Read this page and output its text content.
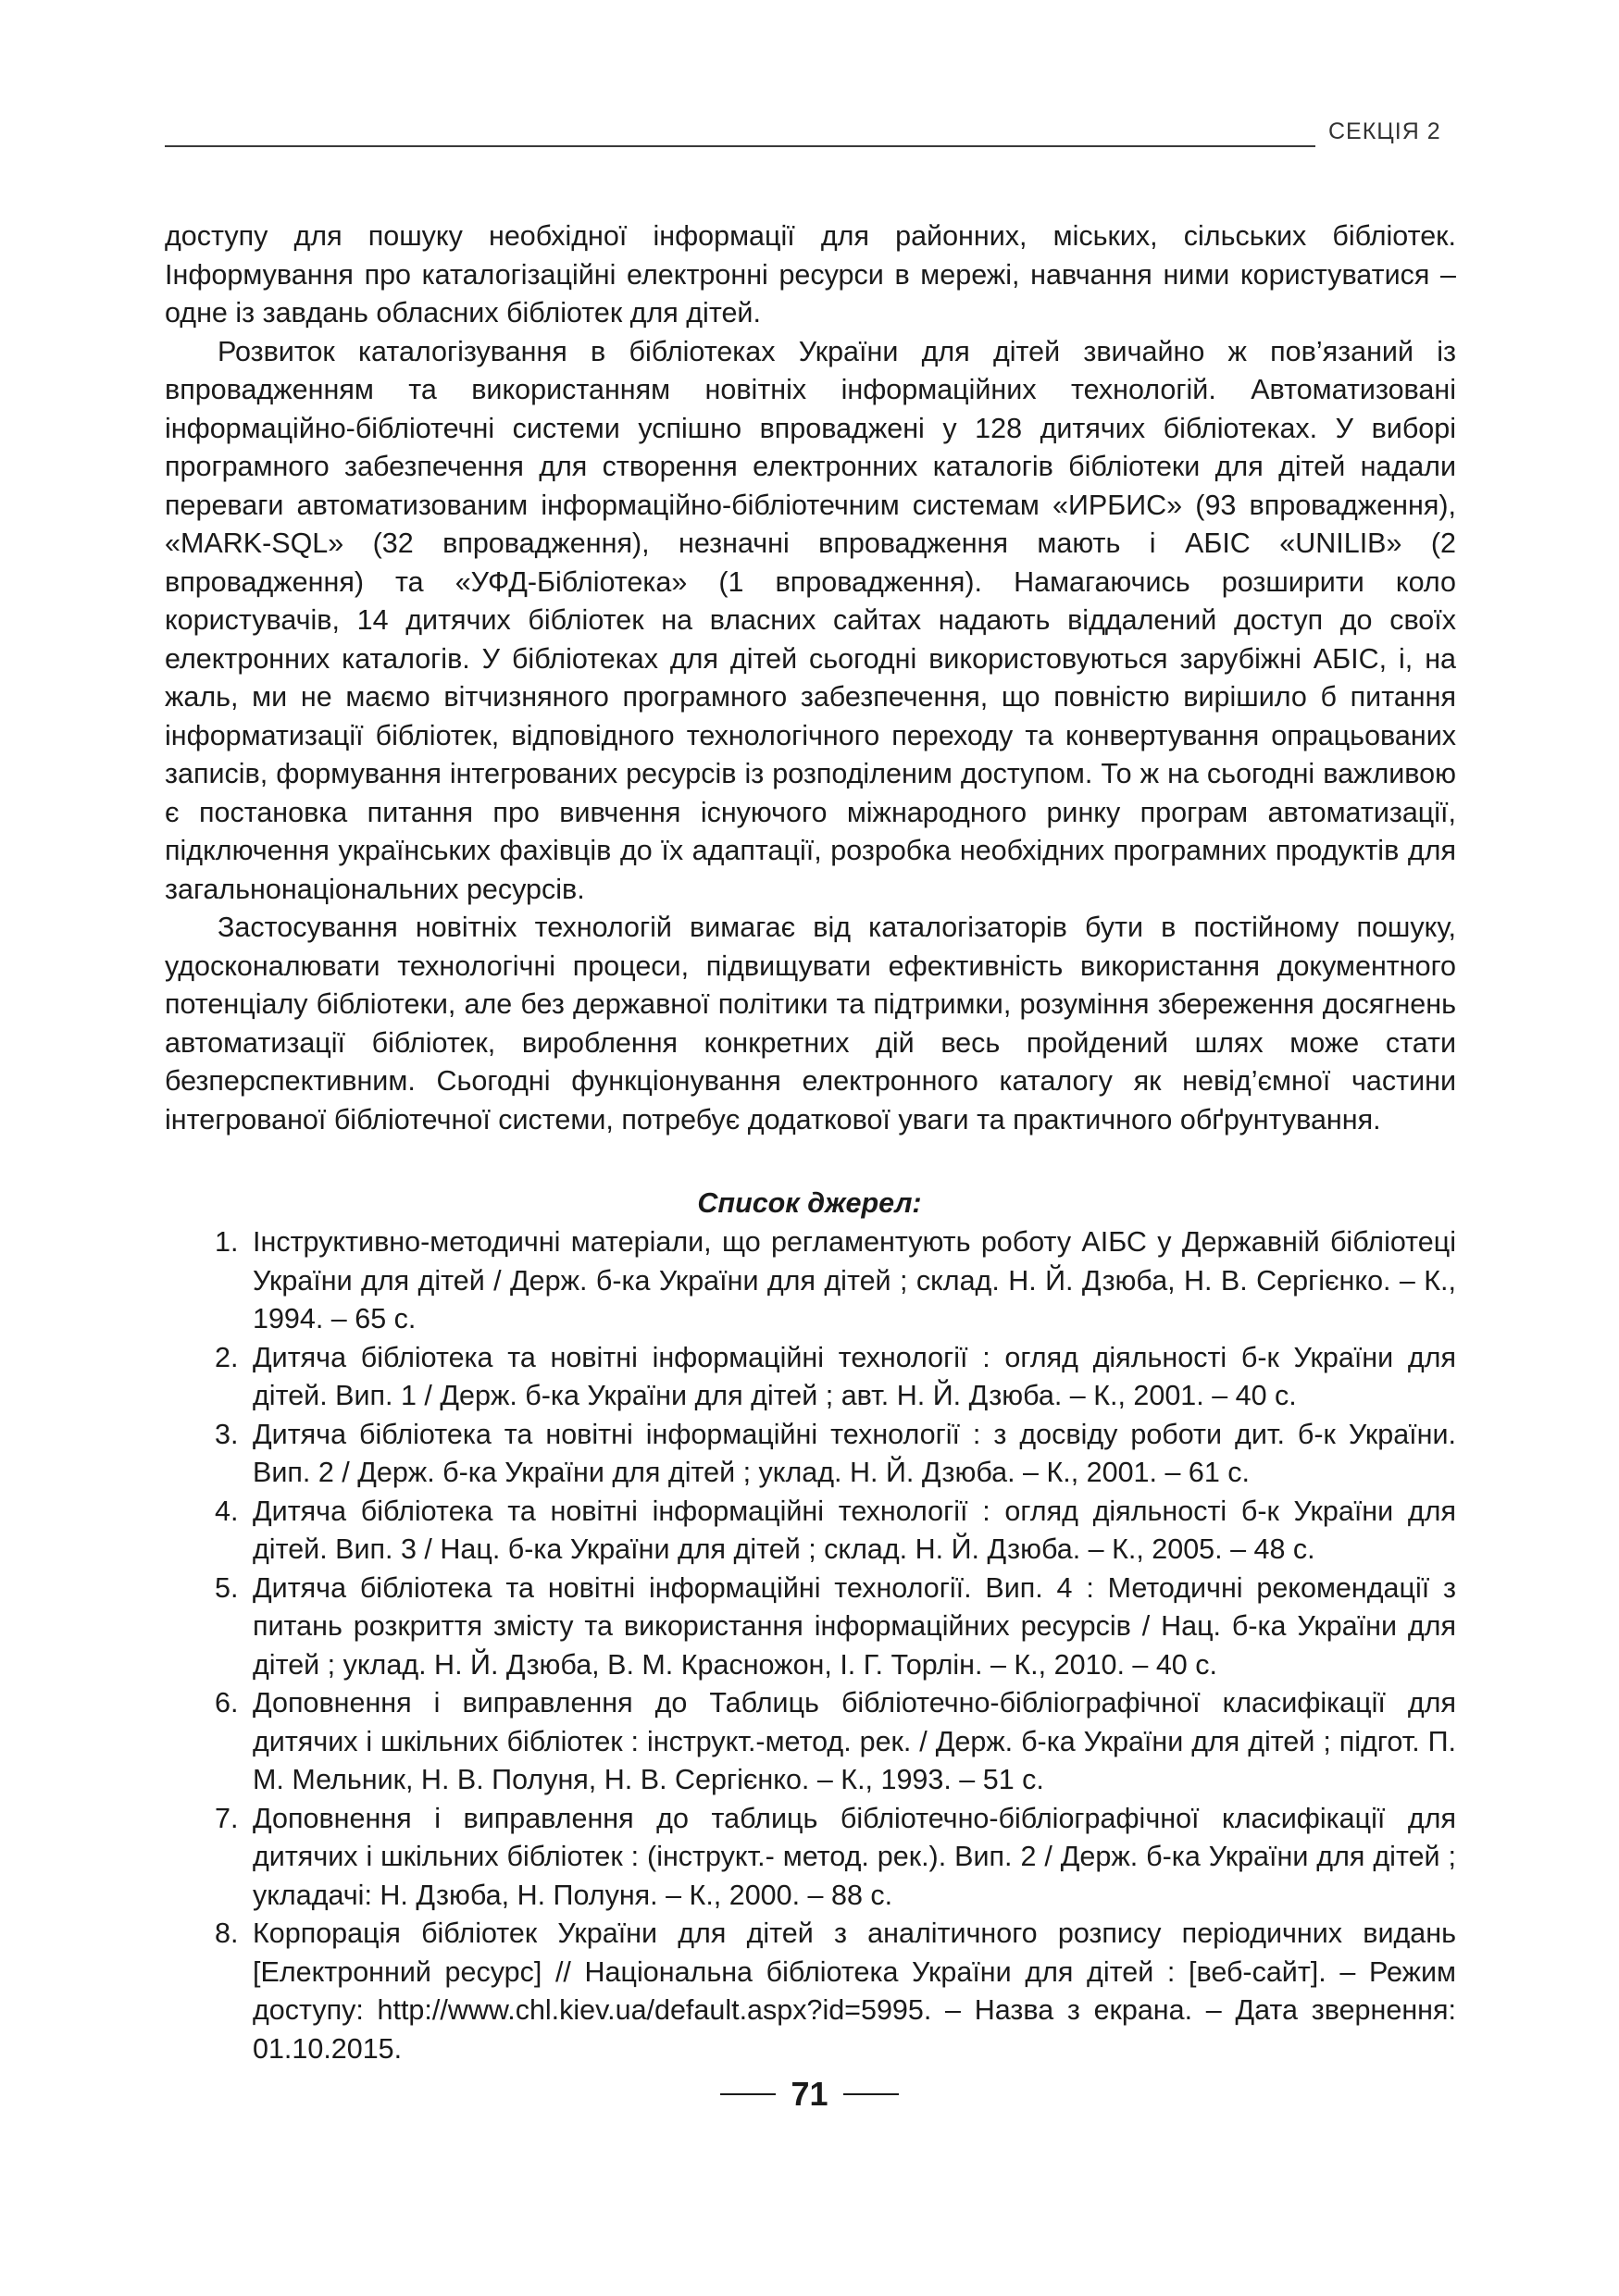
СЕКЦІЯ 2

доступу для пошуку необхідної інформації для районних, міських, сільських бібліотек. Інформування про каталогізаційні електронні ресурси в мережі, навчання ними користуватися – одне із завдань обласних бібліотек для дітей.

Розвиток каталогізування в бібліотеках України для дітей звичайно ж пов’язаний із впровадженням та використанням новітніх інформаційних технологій. Автоматизовані інформаційно-бібліотечні системи успішно впроваджені у 128 дитячих бібліотеках. У виборі програмного забезпечення для створення електронних каталогів бібліотеки для дітей надали переваги автоматизованим інформаційно-бібліотечним системам «ИРБИС» (93 впровадження), «MARK-SQL» (32 впровадження), незначні впровадження мають і АБІС «UNILIB» (2 впровадження) та «УФД-Бібліотека» (1 впровадження). Намагаючись розширити коло користувачів, 14 дитячих бібліотек на власних сайтах надають віддалений доступ до своїх електронних каталогів. У бібліотеках для дітей сьогодні використовуються зарубіжні АБІС, і, на жаль, ми не маємо вітчизняного програмного забезпечення, що повністю вирішило б питання інформатизації бібліотек, відповідного технологічного переходу та конвертування опрацьованих записів, формування інтегрованих ресурсів із розподіленим доступом. То ж на сьогодні важливою є постановка питання про вивчення існуючого міжнародного ринку програм автоматизації, підключення українських фахівців до їх адаптації, розробка необхідних програмних продуктів для загальнонаціональних ресурсів.

Застосування новітніх технологій вимагає від каталогізаторів бути в постійному пошуку, удосконалювати технологічні процеси, підвищувати ефективність використання документного потенціалу бібліотеки, але без державної політики та підтримки, розуміння збереження досягнень автоматизації бібліотек, вироблення конкретних дій весь пройдений шлях може стати безперспективним. Сьогодні функціонування електронного каталогу як невід’ємної частини інтегрованої бібліотечної системи, потребує додаткової уваги та практичного обґрунтування.

Список джерел:
1. Інструктивно-методичні матеріали, що регламентують роботу АІБС у Державній бібліотеці України для дітей / Держ. б-ка України для дітей ; склад. Н. Й. Дзюба, Н. В. Сергієнко. – К., 1994. – 65 с.
2. Дитяча бібліотека та новітні інформаційні технології : огляд діяльності б-к України для дітей. Вип. 1 / Держ. б-ка України для дітей ; авт. Н. Й. Дзюба. – К., 2001. – 40 с.
3. Дитяча бібліотека та новітні інформаційні технології : з досвіду роботи дит. б-к України. Вип. 2 / Держ. б-ка України для дітей ; уклад. Н. Й. Дзюба. – К., 2001. – 61 с.
4. Дитяча бібліотека та новітні інформаційні технології : огляд діяльності б-к України для дітей. Вип. 3 / Нац. б-ка України для дітей ; склад. Н. Й. Дзюба. – К., 2005. – 48 с.
5. Дитяча бібліотека та новітні інформаційні технології. Вип. 4 : Методичні рекомендації з питань розкриття змісту та використання інформаційних ресурсів / Нац. б-ка України для дітей ; уклад. Н. Й. Дзюба, В. М. Красножон, І. Г. Торлін. – К., 2010. – 40 с.
6. Доповнення і виправлення до Таблиць бібліотечно-бібліографічної класифікації для дитячих і шкільних бібліотек : інструкт.-метод. рек. / Держ. б-ка України для дітей ; підгот. П. М. Мельник, Н. В. Полуня, Н. В. Сергієнко. – К., 1993. – 51 с.
7. Доповнення і виправлення до таблиць бібліотечно-бібліографічної класифікації для дитячих і шкільних бібліотек : (інструкт.- метод. рек.). Вип. 2 / Держ. б-ка України для дітей ; укладачі: Н. Дзюба, Н. Полуня. – К., 2000. – 88 с.
8. Корпорація бібліотек України для дітей з аналітичного розпису періодичних видань [Електронний ресурс] // Національна бібліотека України для дітей : [веб-сайт]. – Режим доступу: http://www.chl.kiev.ua/default.aspx?id=5995. – Назва з екрана. – Дата звернення: 01.10.2015.
71
